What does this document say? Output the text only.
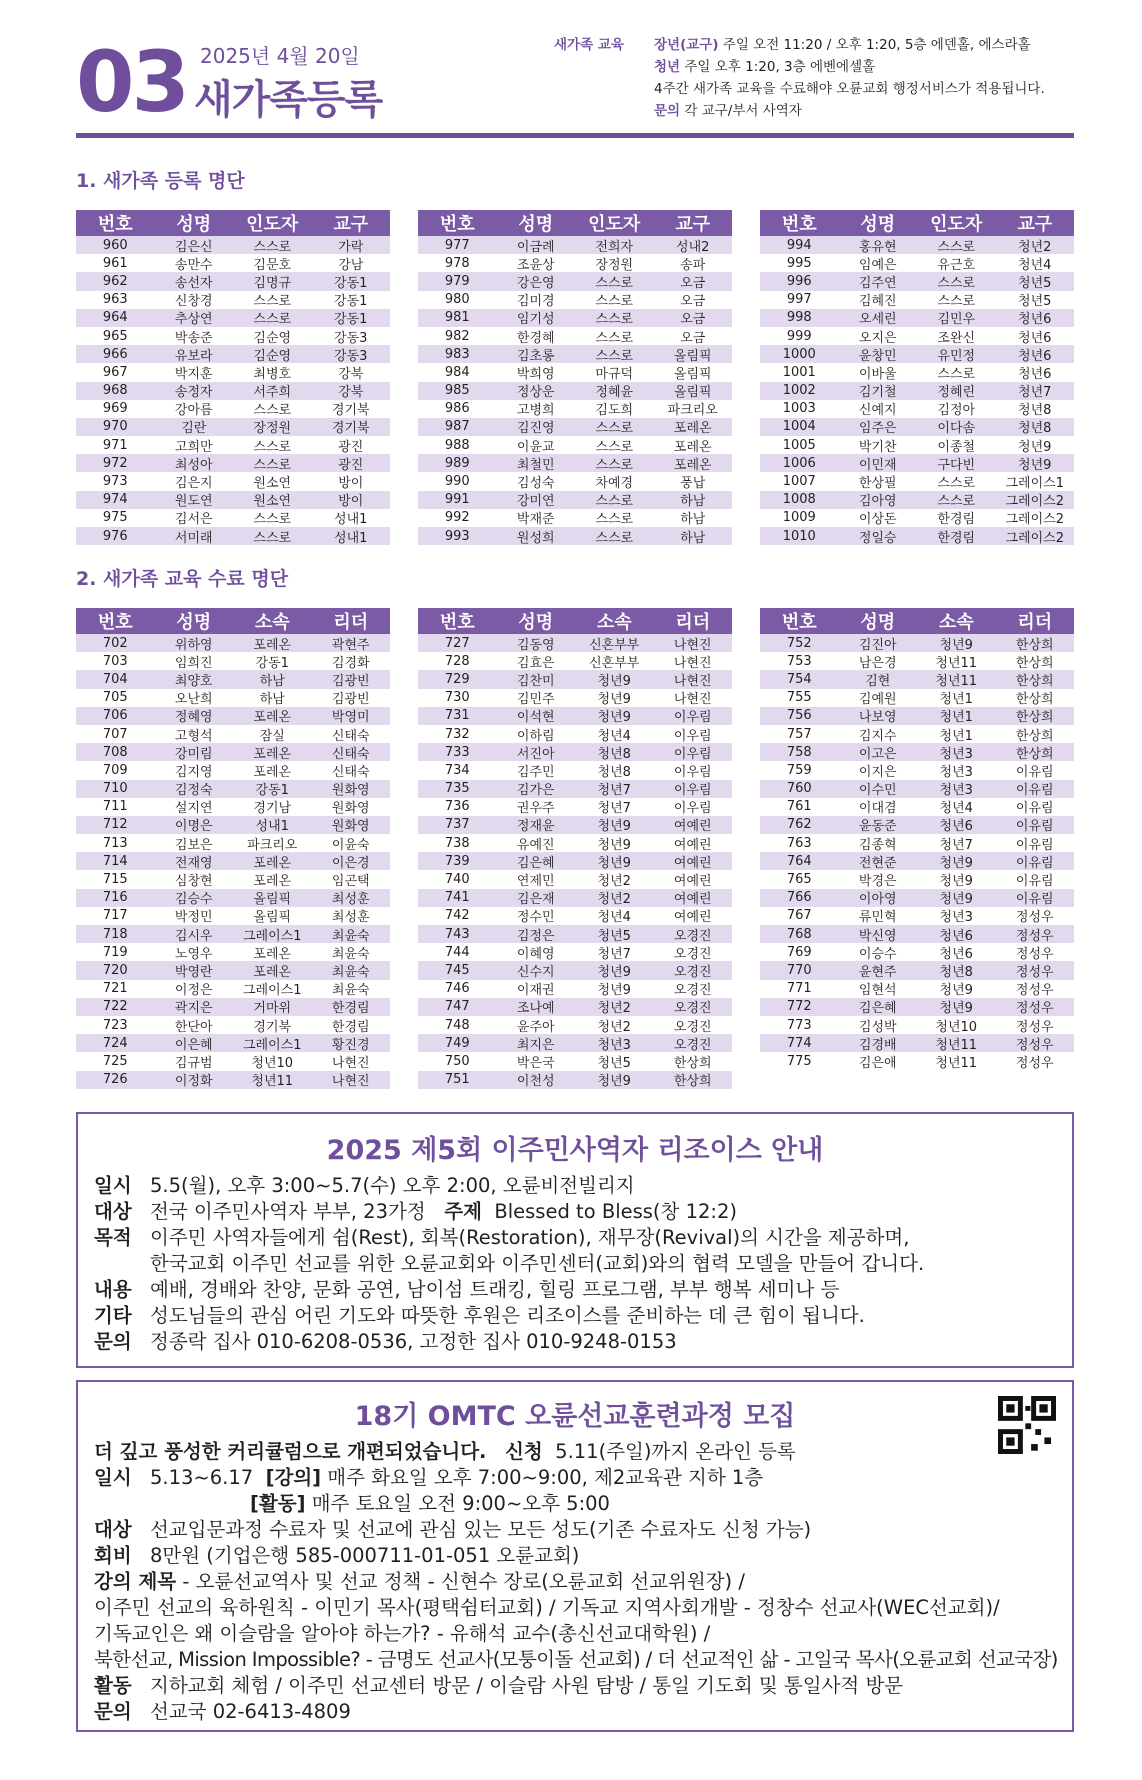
03 2025년 4월 20일
새가족등록
새가족 교육 장년(교구) 주일 오전 11:20 / 오후 1:20, 5층 에덴홀, 에스라홀
청년 주일 오후 1:20, 3층 에벤에셀홀
4주간 새가족 교육을 수료해야 오륜교회 행정서비스가 적용됩니다.
문의 각 교구/부서 사역자
1. 새가족 등록 명단
번호	성명	인도자	교구
960	김은신	스스로	가락
961	송만수	김문호	강남
962	송선자	김명규	강동1
963	신창경	스스로	강동1
964	추상연	스스로	강동1
965	박송준	김순영	강동3
966	유보라	김순영	강동3
967	박지훈	최병호	강북
968	송정자	서주희	강북
969	강아름	스스로	경기북
970	김란	장정원	경기북
971	고희만	스스로	광진
972	최성아	스스로	광진
973	김은지	원소연	방이
974	원도연	원소연	방이
975	김서은	스스로	성내1
976	서미래	스스로	성내1
번호	성명	인도자	교구
977	이금례	전희자	성내2
978	조윤상	장정원	송파
979	강은영	스스로	오금
980	김미경	스스로	오금
981	임기성	스스로	오금
982	한경혜	스스로	오금
983	김초롱	스스로	올림픽
984	박희영	마규덕	올림픽
985	정상운	정혜윤	올림픽
986	고병희	김도희	파크리오
987	김진영	스스로	포레온
988	이윤교	스스로	포레온
989	최철민	스스로	포레온
990	김성숙	차예경	풍납
991	강미연	스스로	하남
992	박재준	스스로	하남
993	원성희	스스로	하남
번호	성명	인도자	교구
994	홍유현	스스로	청년2
995	임예은	유근호	청년4
996	김주연	스스로	청년5
997	김혜진	스스로	청년5
998	오세린	김민우	청년6
999	오지은	조완신	청년6
1000	윤창민	유민정	청년6
1001	이바울	스스로	청년6
1002	김기철	정혜린	청년7
1003	신예지	김정아	청년8
1004	임주은	이다솜	청년8
1005	박기찬	이종철	청년9
1006	이민재	구다빈	청년9
1007	한상필	스스로	그레이스1
1008	김아영	스스로	그레이스2
1009	이상돈	한경림	그레이스2
1010	정일승	한경림	그레이스2
2. 새가족 교육 수료 명단
번호	성명	소속	리더
702	위하영	포레온	곽현주
703	임희진	강동1	김경화
704	최양호	하남	김광빈
705	오난희	하남	김광빈
706	정혜영	포레온	박영미
707	고형석	잠실	신태숙
708	강미림	포레온	신태숙
709	김지영	포레온	신태숙
710	김정숙	강동1	원화영
711	설지연	경기남	원화영
712	이명은	성내1	원화영
713	김보은	파크리오	이윤숙
714	전재영	포레온	이은경
715	심창현	포레온	임곤택
716	김승수	올림픽	최성훈
717	박정민	올림픽	최성훈
718	김시우	그레이스1	최윤숙
719	노영우	포레온	최윤숙
720	박영란	포레온	최윤숙
721	이정은	그레이스1	최윤숙
722	곽지은	거마위	한경림
723	한단아	경기북	한경림
724	이은혜	그레이스1	황진경
725	김규범	청년10	나현진
726	이정화	청년11	나현진
번호	성명	소속	리더
727	김동영	신혼부부	나현진
728	김효은	신혼부부	나현진
729	김찬미	청년9	나현진
730	김민주	청년9	나현진
731	이석현	청년9	이우림
732	이하림	청년4	이우림
733	서진아	청년8	이우림
734	김주민	청년8	이우림
735	김가은	청년7	이우림
736	권우주	청년7	이우림
737	정재윤	청년9	여예린
738	유예진	청년9	여예린
739	김은혜	청년9	여예린
740	연제민	청년2	여예린
741	김은재	청년2	여예린
742	정수민	청년4	여예린
743	김정은	청년5	오경진
744	이혜영	청년7	오경진
745	신수지	청년9	오경진
746	이재권	청년9	오경진
747	조나예	청년2	오경진
748	윤주아	청년2	오경진
749	최지은	청년3	오경진
750	박은국	청년5	한상희
751	이천성	청년9	한상희
번호	성명	소속	리더
752	김진아	청년9	한상희
753	남은경	청년11	한상희
754	김현	청년11	한상희
755	김예원	청년1	한상희
756	나보영	청년1	한상희
757	김지수	청년1	한상희
758	이고은	청년3	한상희
759	이지은	청년3	이유림
760	이수민	청년3	이유림
761	이대겸	청년4	이유림
762	윤동준	청년6	이유림
763	김종혁	청년7	이유림
764	전현준	청년9	이유림
765	박경은	청년9	이유림
766	이아영	청년9	이유림
767	류민혁	청년3	정성우
768	박신영	청년6	정성우
769	이승수	청년6	정성우
770	윤현주	청년8	정성우
771	임현석	청년9	정성우
772	김은혜	청년9	정성우
773	김성박	청년10	정성우
774	김경배	청년11	정성우
775	김은애	청년11	정성우
2025 제5회 이주민사역자 리조이스 안내
일시 5.5(월), 오후 3:00~5.7(수) 오후 2:00, 오륜비전빌리지
대상 전국 이주민사역자 부부, 23가정 주제 Blessed to Bless(창 12:2)
목적 이주민 사역자들에게 쉼(Rest), 회복(Restoration), 재무장(Revival)의 시간을 제공하며,
한국교회 이주민 선교를 위한 오륜교회와 이주민센터(교회)와의 협력 모델을 만들어 갑니다.
내용 예배, 경배와 찬양, 문화 공연, 남이섬 트래킹, 힐링 프로그램, 부부 행복 세미나 등
기타 성도님들의 관심 어린 기도와 따뜻한 후원은 리조이스를 준비하는 데 큰 힘이 됩니다.
문의 정종락 집사 010-6208-0536, 고정한 집사 010-9248-0153
18기 OMTC 오륜선교훈련과정 모집
더 깊고 풍성한 커리큘럼으로 개편되었습니다. 신청 5.11(주일)까지 온라인 등록
일시 5.13~6.17 [강의] 매주 화요일 오후 7:00~9:00, 제2교육관 지하 1층
[활동] 매주 토요일 오전 9:00~오후 5:00
대상 선교입문과정 수료자 및 선교에 관심 있는 모든 성도(기존 수료자도 신청 가능)
회비 8만원 (기업은행 585-000711-01-051 오륜교회)
강의 제목 - 오륜선교역사 및 선교 정책 - 신현수 장로(오륜교회 선교위원장) /
이주민 선교의 육하원칙 - 이민기 목사(평택쉼터교회) / 기독교 지역사회개발 - 정창수 선교사(WEC선교회)/
기독교인은 왜 이슬람을 알아야 하는가? - 유해석 교수(총신선교대학원) /
북한선교, Mission Impossible? - 금명도 선교사(모퉁이돌 선교회) / 더 선교적인 삶 - 고일국 목사(오륜교회 선교국장)
활동 지하교회 체험 / 이주민 선교센터 방문 / 이슬람 사원 탐방 / 통일 기도회 및 통일사적 방문
문의 선교국 02-6413-4809
